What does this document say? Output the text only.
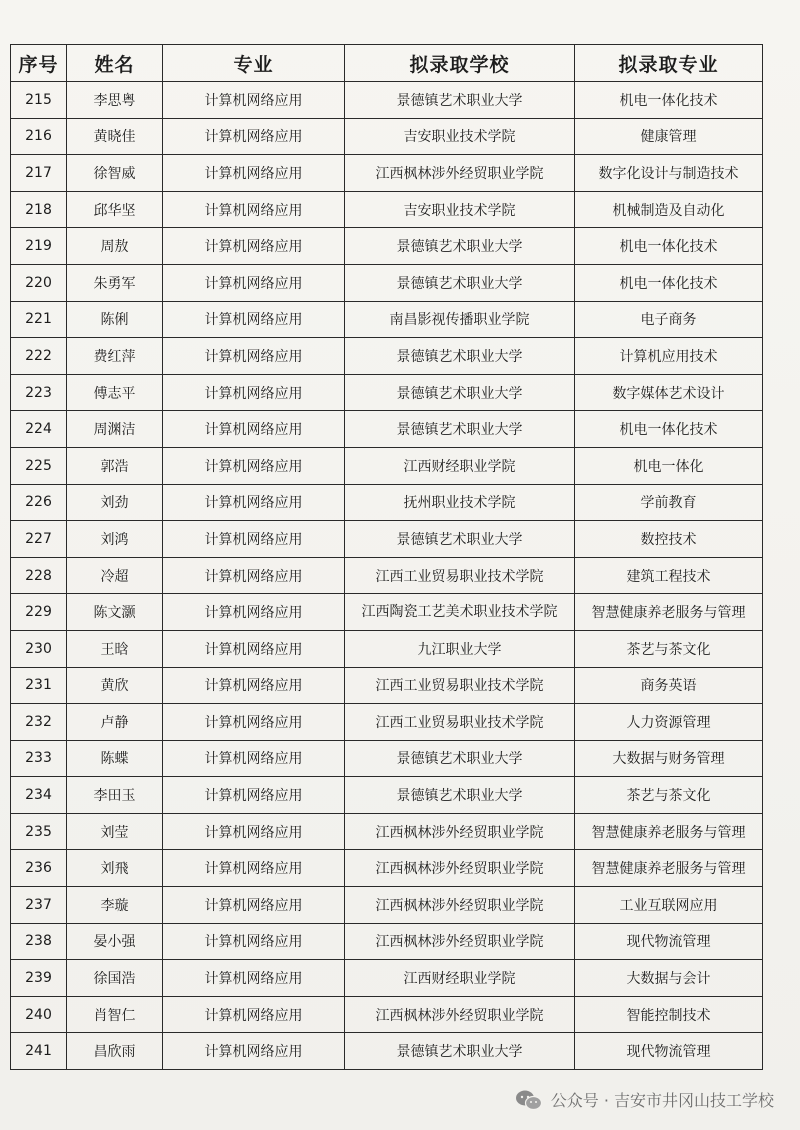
序号	姓名	专业	拟录取学校	拟录取专业
215	李思粤	计算机网络应用	景德镇艺术职业大学	机电一体化技术
216	黄晓佳	计算机网络应用	吉安职业技术学院	健康管理
217	徐智威	计算机网络应用	江西枫林涉外经贸职业学院	数字化设计与制造技术
218	邱华坚	计算机网络应用	吉安职业技术学院	机械制造及自动化
219	周敖	计算机网络应用	景德镇艺术职业大学	机电一体化技术
220	朱勇军	计算机网络应用	景德镇艺术职业大学	机电一体化技术
221	陈俐	计算机网络应用	南昌影视传播职业学院	电子商务
222	费红萍	计算机网络应用	景德镇艺术职业大学	计算机应用技术
223	傅志平	计算机网络应用	景德镇艺术职业大学	数字媒体艺术设计
224	周渊洁	计算机网络应用	景德镇艺术职业大学	机电一体化技术
225	郭浩	计算机网络应用	江西财经职业学院	机电一体化
226	刘劲	计算机网络应用	抚州职业技术学院	学前教育
227	刘鸿	计算机网络应用	景德镇艺术职业大学	数控技术
228	冷超	计算机网络应用	江西工业贸易职业技术学院	建筑工程技术
229	陈文灏	计算机网络应用	江西陶瓷工艺美术职业技术学院	智慧健康养老服务与管理
230	王晗	计算机网络应用	九江职业大学	茶艺与茶文化
231	黄欣	计算机网络应用	江西工业贸易职业技术学院	商务英语
232	卢静	计算机网络应用	江西工业贸易职业技术学院	人力资源管理
233	陈蝶	计算机网络应用	景德镇艺术职业大学	大数据与财务管理
234	李田玉	计算机网络应用	景德镇艺术职业大学	茶艺与茶文化
235	刘莹	计算机网络应用	江西枫林涉外经贸职业学院	智慧健康养老服务与管理
236	刘飛	计算机网络应用	江西枫林涉外经贸职业学院	智慧健康养老服务与管理
237	李璇	计算机网络应用	江西枫林涉外经贸职业学院	工业互联网应用
238	晏小强	计算机网络应用	江西枫林涉外经贸职业学院	现代物流管理
239	徐国浩	计算机网络应用	江西财经职业学院	大数据与会计
240	肖智仁	计算机网络应用	江西枫林涉外经贸职业学院	智能控制技术
241	昌欣雨	计算机网络应用	景德镇艺术职业大学	现代物流管理
公众号 · 吉安市井冈山技工学校
